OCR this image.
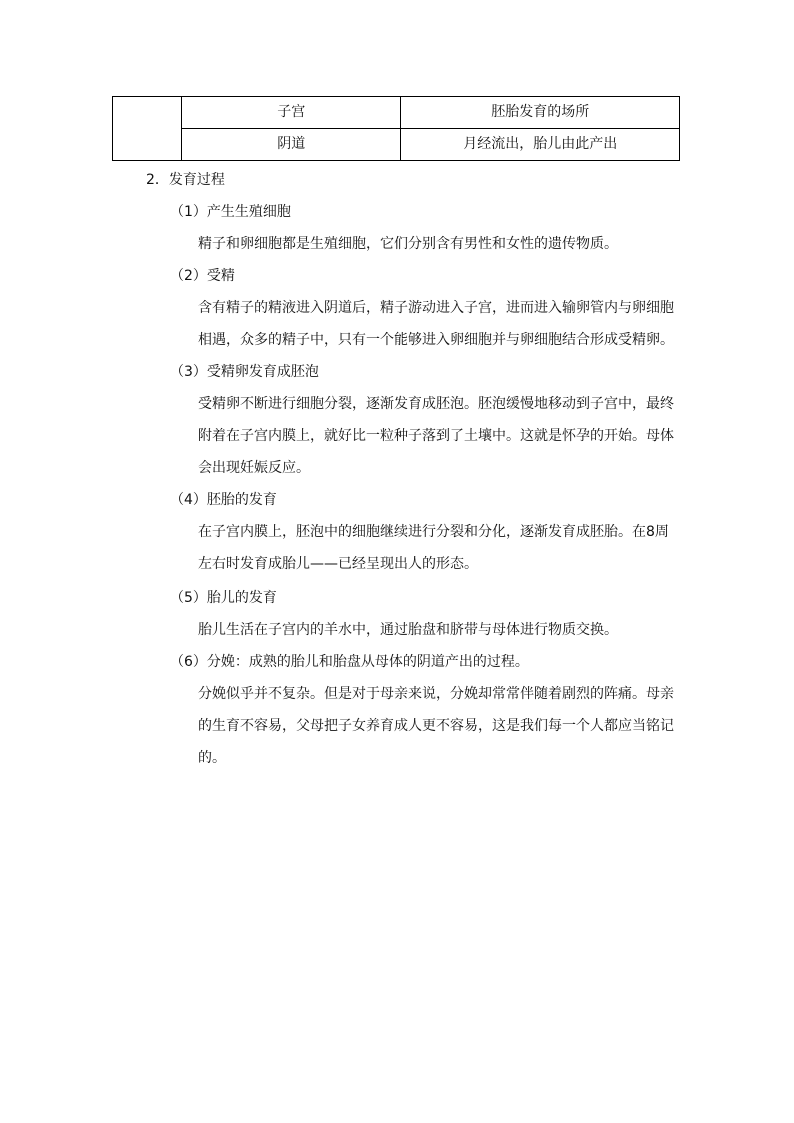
	子宫	胚胎发育的场所
	阴道	月经流出，胎儿由此产出
2．发育过程
（1）产生生殖细胞
精子和卵细胞都是生殖细胞，它们分别含有男性和女性的遗传物质。
（2）受精
含有精子的精液进入阴道后，精子游动进入子宫，进而进入输卵管内与卵细胞
相遇，众多的精子中，只有一个能够进入卵细胞并与卵细胞结合形成受精卵。
（3）受精卵发育成胚泡
受精卵不断进行细胞分裂，逐渐发育成胚泡。胚泡缓慢地移动到子宫中，最终
附着在子宫内膜上，就好比一粒种子落到了土壤中。这就是怀孕的开始。母体
会出现妊娠反应。
（4）胚胎的发育
在子宫内膜上，胚泡中的细胞继续进行分裂和分化，逐渐发育成胚胎。在8周
左右时发育成胎儿——已经呈现出人的形态。
（5）胎儿的发育
胎儿生活在子宫内的羊水中，通过胎盘和脐带与母体进行物质交换。
（6）分娩：成熟的胎儿和胎盘从母体的阴道产出的过程。
分娩似乎并不复杂。但是对于母亲来说，分娩却常常伴随着剧烈的阵痛。母亲
的生育不容易，父母把子女养育成人更不容易，这是我们每一个人都应当铭记
的。
